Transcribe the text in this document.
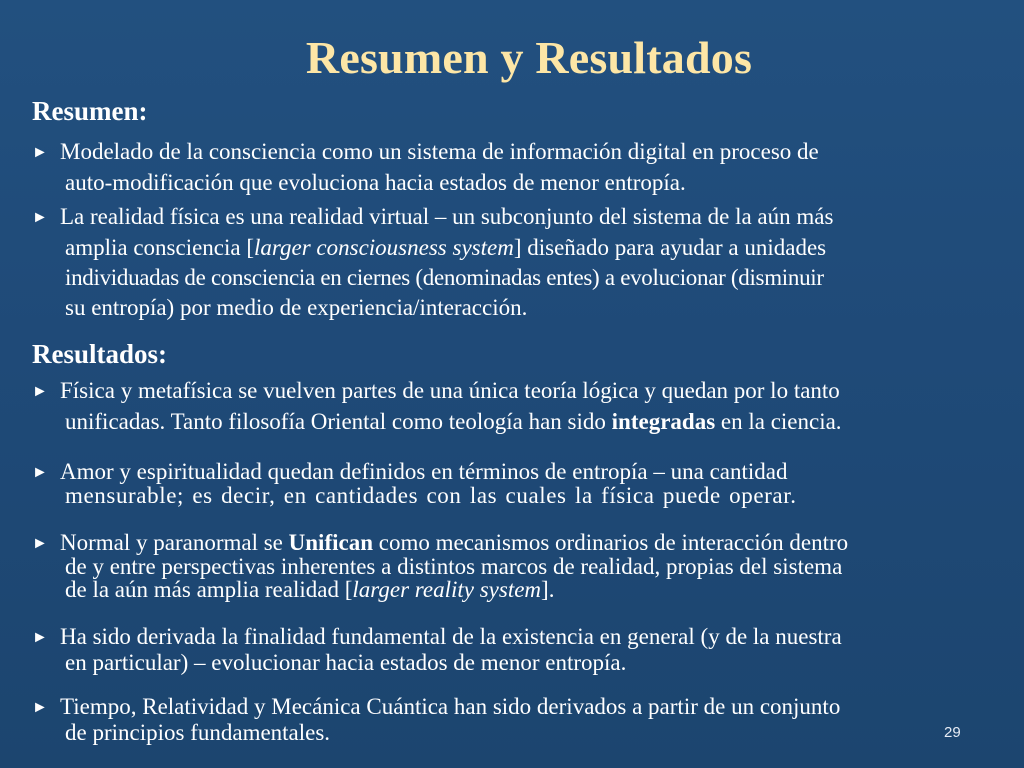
Resumen y Resultados
Resumen:
► Modelado de la consciencia como un sistema de información digital en proceso de
auto-modificación que evoluciona hacia estados de menor entropía.
► La realidad física es una realidad virtual – un subconjunto del sistema de la aún más
amplia consciencia [larger consciousness system] diseñado para ayudar a unidades
individuadas de consciencia en ciernes (denominadas entes) a evolucionar (disminuir
su entropía) por medio de experiencia/interacción.
Resultados:
► Física y metafísica se vuelven partes de una única teoría lógica y quedan por lo tanto
unificadas. Tanto filosofía Oriental como teología han sido integradas en la ciencia.
► Amor y espiritualidad quedan definidos en términos de entropía – una cantidad
mensurable; es decir, en cantidades con las cuales la física puede operar.
► Normal y paranormal se Unifican como mecanismos ordinarios de interacción dentro
de y entre perspectivas inherentes a distintos marcos de realidad, propias del sistema
de la aún más amplia realidad [larger reality system].
► Ha sido derivada la finalidad fundamental de la existencia en general (y de la nuestra
en particular) – evolucionar hacia estados de menor entropía.
► Tiempo, Relatividad y Mecánica Cuántica han sido derivados a partir de un conjunto
de principios fundamentales.	29
